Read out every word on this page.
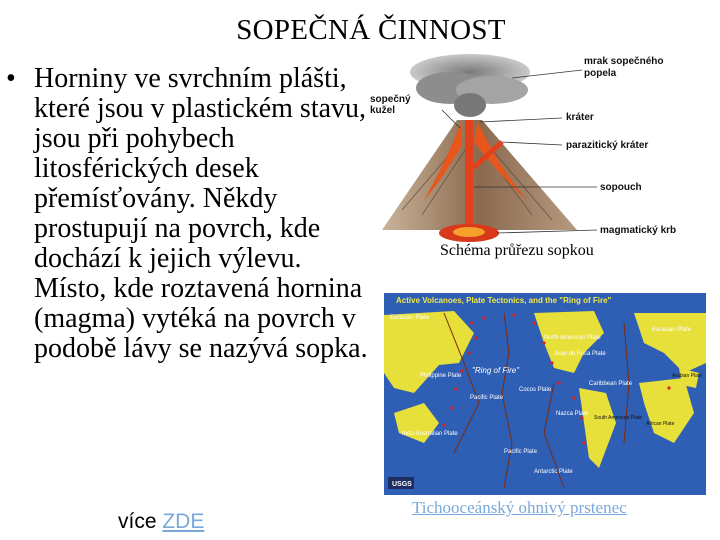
SOPEČNÁ ČINNOST
• Horniny ve svrchním plášti, které jsou v plastickém stavu, jsou při pohybech litosférických desek přemísťovány. Někdy prostupují na povrch, kde dochází k jejich výlevu. Místo, kde roztavená hornina (magma) vytéká na povrch v podobě lávy se nazývá sopka.
více ZDE
mrak sopečného
popela
sopečný
kužel
kráter
parazitický kráter
sopouch
magmatický krb
Schéma průřezu sopkou
Active Volcanoes, Plate Tectonics, and the "Ring of Fire"
Eurasian Plate
Eurasian Plate
North American Plate
"Ring of Fire"
Philippine Plate
Pacific Plate
Juan de Fuca Plate
Caribbean Plate
Cocos Plate
Arabian Plate
Indo-Australian Plate
Nazca Plate
South American Plate
African Plate
Pacific Plate
Antarctic Plate
USGS
Tichooceánský ohnivý prstenec
